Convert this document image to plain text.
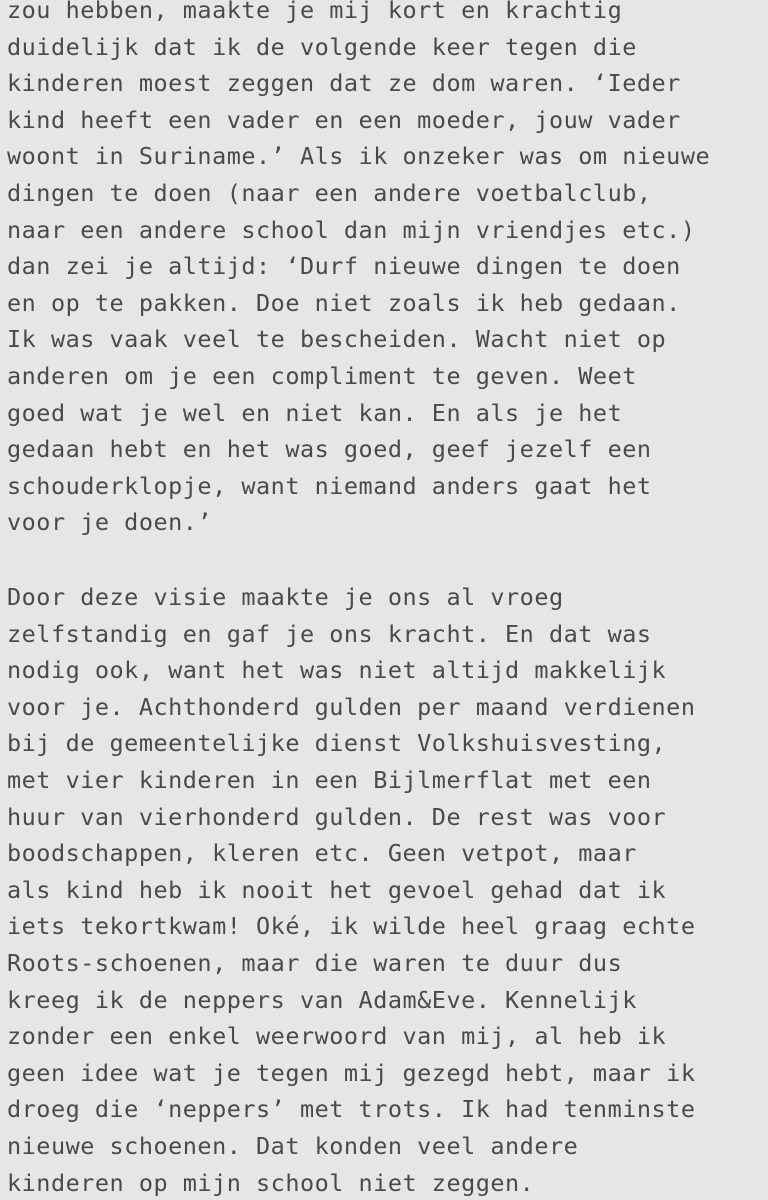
zou hebben, maakte je mij kort en krachtig
duidelijk dat ik de volgende keer tegen die
kinderen moest zeggen dat ze dom waren. ‘Ieder
kind heeft een vader en een moeder, jouw vader
woont in Suriname.’ Als ik onzeker was om nieuwe
dingen te doen (naar een andere voetbalclub,
naar een andere school dan mijn vriendjes etc.)
dan zei je altijd: ‘Durf nieuwe dingen te doen
en op te pakken. Doe niet zoals ik heb gedaan.
Ik was vaak veel te bescheiden. Wacht niet op
anderen om je een compliment te geven. Weet
goed wat je wel en niet kan. En als je het
gedaan hebt en het was goed, geef jezelf een
schouderklopje, want niemand anders gaat het
voor je doen.’
Door deze visie maakte je ons al vroeg
zelfstandig en gaf je ons kracht. En dat was
nodig ook, want het was niet altijd makkelijk
voor je. Achthonderd gulden per maand verdienen
bij de gemeentelijke dienst Volkshuisvesting,
met vier kinderen in een Bijlmerflat met een
huur van vierhonderd gulden. De rest was voor
boodschappen, kleren etc. Geen vetpot, maar
als kind heb ik nooit het gevoel gehad dat ik
iets tekortkwam! Oké, ik wilde heel graag echte
Roots-schoenen, maar die waren te duur dus
kreeg ik de neppers van Adam&Eve. Kennelijk
zonder een enkel weerwoord van mij, al heb ik
geen idee wat je tegen mij gezegd hebt, maar ik
droeg die ‘neppers’ met trots. Ik had tenminste
nieuwe schoenen. Dat konden veel andere
kinderen op mijn school niet zeggen.
